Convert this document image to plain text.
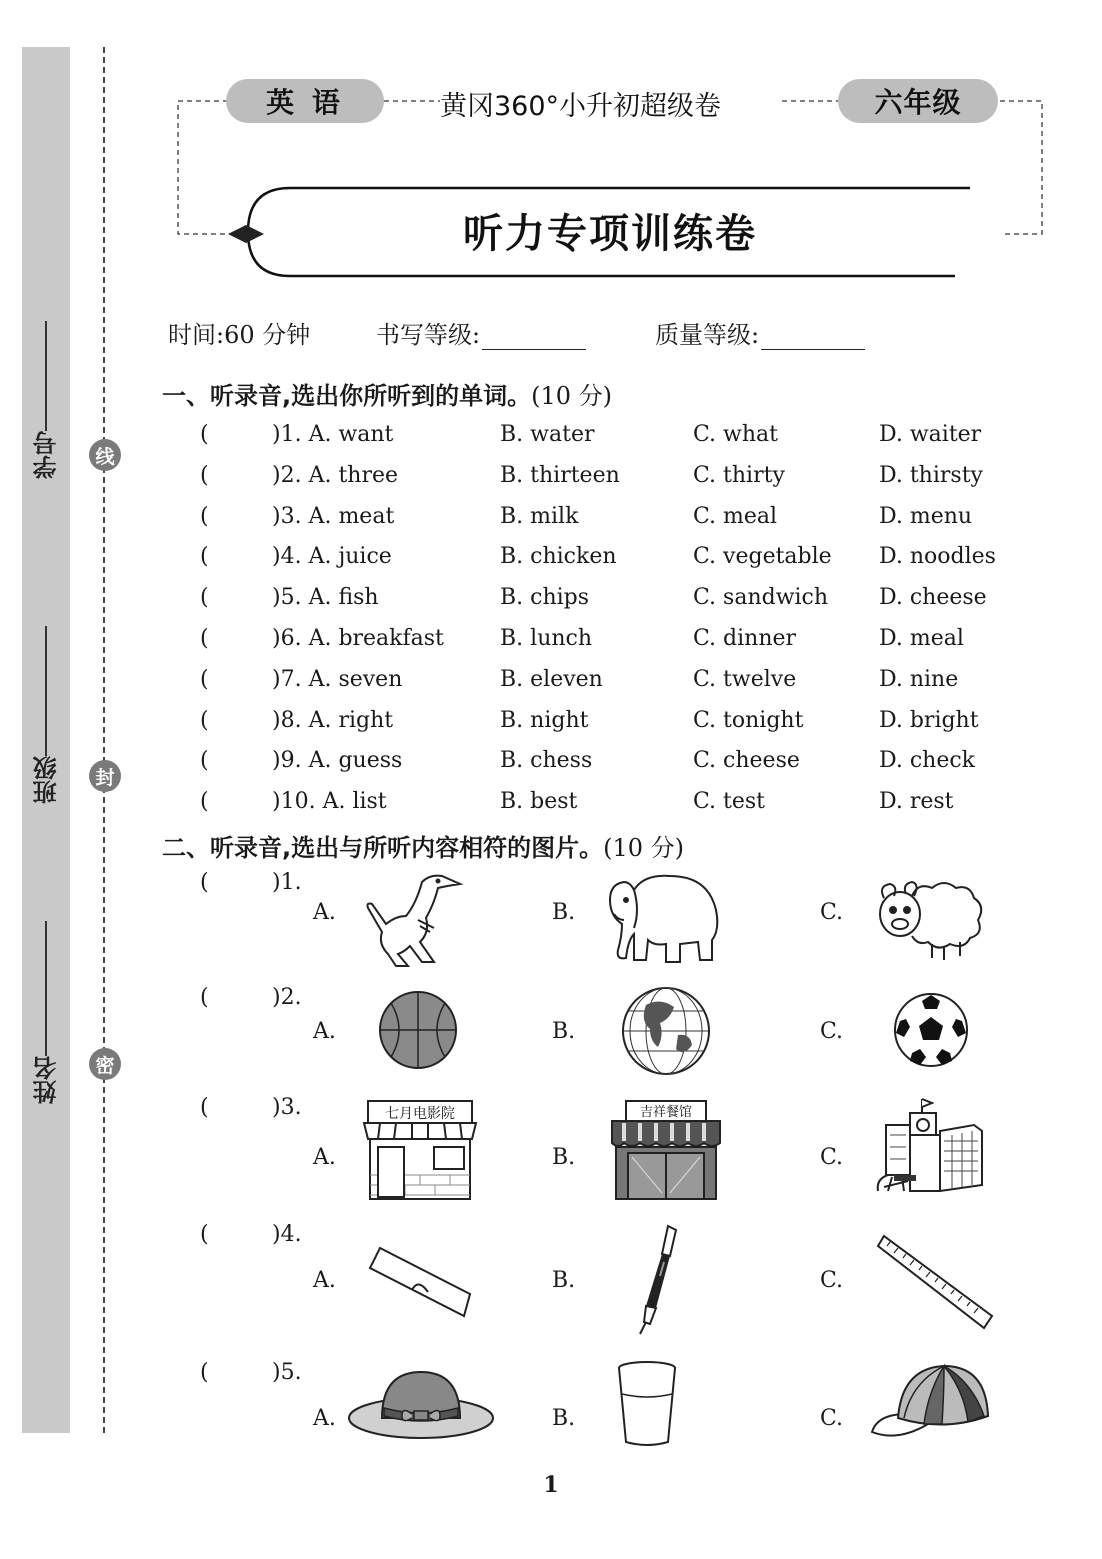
学号
班级
姓名
线
封
密
英 语	黄冈360°小升初超级卷	六年级
听力专项训练卷
时间:60 分钟	书写等级:	质量等级:
一、听录音,选出你所听到的单词。(10 分)
(	)1. A. want	B. water	C. what	D. waiter
(	)2. A. three	B. thirteen	C. thirty	D. thirsty
(	)3. A. meat	B. milk	C. meal	D. menu
(	)4. A. juice	B. chicken	C. vegetable D. noodles
(	)5. A. fish	B. chips	C. sandwich D. cheese
(	)6. A. breakfast	B. lunch	C. dinner	D. meal
(	)7. A. seven	B. eleven	C. twelve	D. nine
(	)8. A. right	B. night	C. tonight	D. bright
(	)9. A. guess	B. chess	C. cheese	D. check
(	)10. A. list	B. best	C. test	D. rest
二、听录音,选出与所听内容相符的图片。(10 分)
(	)1.
A.	B.	C.
(	)2.
A.	B.	C.
(	)3.
A.
七月电影院
B.
吉祥餐馆
C.
(	)4.
A.	B.	C.
(	)5.
A.	B.	C.
1
